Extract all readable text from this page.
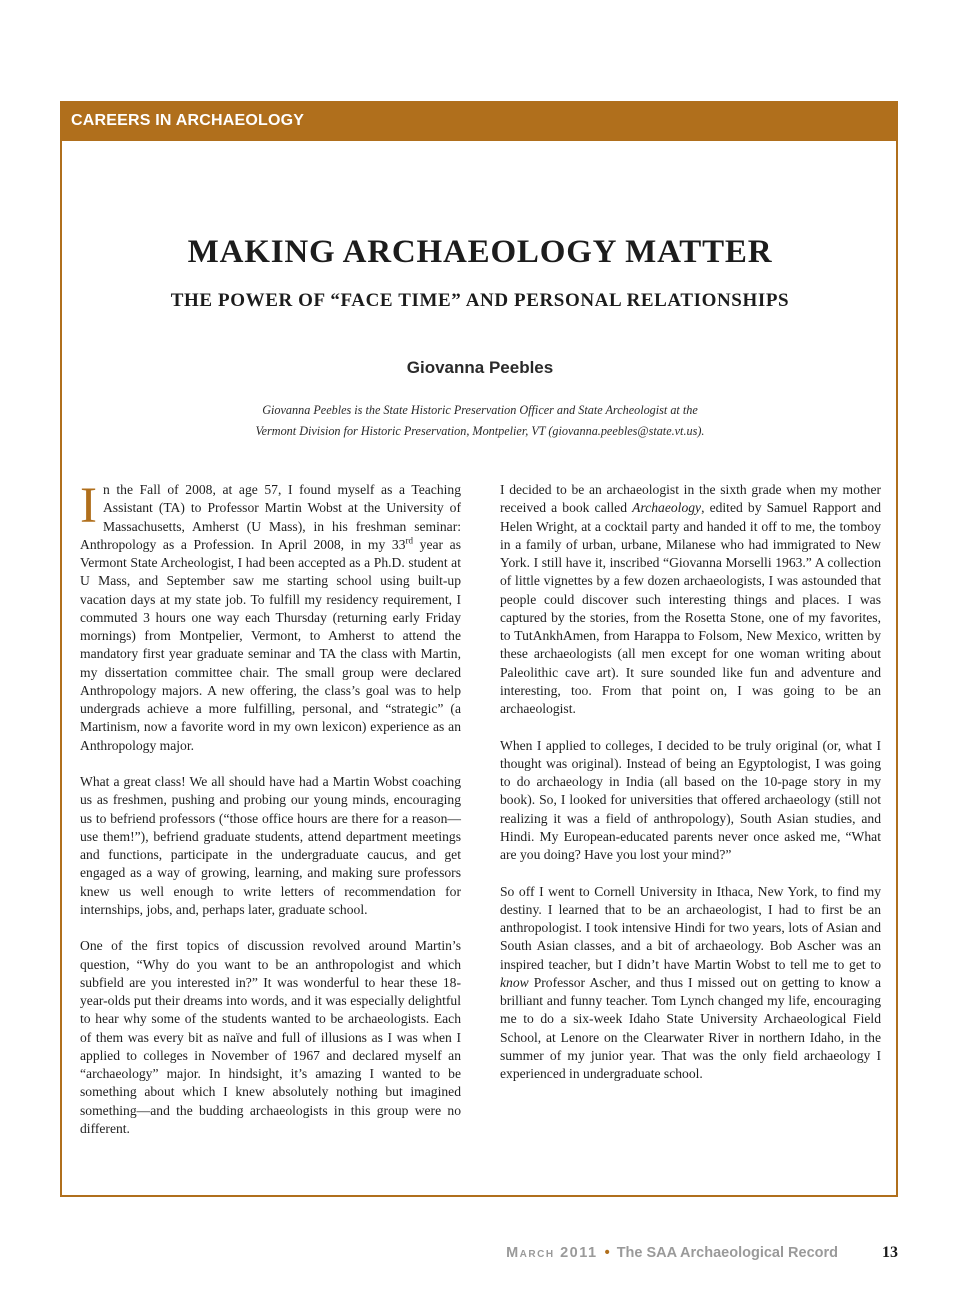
CAREERS IN ARCHAEOLOGY
MAKING ARCHAEOLOGY MATTER
THE POWER OF “FACE TIME” AND PERSONAL RELATIONSHIPS
Giovanna Peebles
Giovanna Peebles is the State Historic Preservation Officer and State Archeologist at the
Vermont Division for Historic Preservation, Montpelier, VT (giovanna.peebles@state.vt.us).

In the Fall of 2008, at age 57, I found myself as a Teaching Assistant (TA) to Professor Martin Wobst at the University of Massachusetts, Amherst (U Mass), in his freshman seminar: Anthropology as a Profession. In April 2008, in my 33rd year as Vermont State Archeologist, I had been accepted as a Ph.D. student at U Mass, and September saw me starting school using built-up vacation days at my state job. To fulfill my residency requirement, I commuted 3 hours one way each Thursday (returning early Friday mornings) from Montpelier, Vermont, to Amherst to attend the mandatory first year graduate seminar and TA the class with Martin, my dissertation committee chair. The small group were declared Anthropology majors. A new offering, the class’s goal was to help undergrads achieve a more fulfilling, personal, and “strategic” (a Martinism, now a favorite word in my own lexicon) experience as an Anthropology major.

What a great class! We all should have had a Martin Wobst coaching us as freshmen, pushing and probing our young minds, encouraging us to befriend professors (“those office hours are there for a reason—use them!”), befriend graduate students, attend department meetings and functions, participate in the undergraduate caucus, and get engaged as a way of growing, learning, and making sure professors knew us well enough to write letters of recommendation for internships, jobs, and, perhaps later, graduate school.

One of the first topics of discussion revolved around Martin’s question, “Why do you want to be an anthropologist and which subfield are you interested in?” It was wonderful to hear these 18-year-olds put their dreams into words, and it was especially delightful to hear why some of the students wanted to be archaeologists. Each of them was every bit as naïve and full of illusions as I was when I applied to colleges in November of 1967 and declared myself an “archaeology” major. In hindsight, it’s amazing I wanted to be something about which I knew absolutely nothing but imagined something—and the budding archaeologists in this group were no different.

I decided to be an archaeologist in the sixth grade when my mother received a book called Archaeology, edited by Samuel Rapport and Helen Wright, at a cocktail party and handed it off to me, the tomboy in a family of urban, urbane, Milanese who had immigrated to New York. I still have it, inscribed “Giovanna Morselli 1963.” A collection of little vignettes by a few dozen archaeologists, I was astounded that people could discover such interesting things and places. I was captured by the stories, from the Rosetta Stone, one of my favorites, to TutAnkhAmen, from Harappa to Folsom, New Mexico, written by these archaeologists (all men except for one woman writing about Paleolithic cave art). It sure sounded like fun and adventure and interesting, too. From that point on, I was going to be an archaeologist.

When I applied to colleges, I decided to be truly original (or, what I thought was original). Instead of being an Egyptologist, I was going to do archaeology in India (all based on the 10-page story in my book). So, I looked for universities that offered archaeology (still not realizing it was a field of anthropology), South Asian studies, and Hindi. My European-educated parents never once asked me, “What are you doing? Have you lost your mind?”

So off I went to Cornell University in Ithaca, New York, to find my destiny. I learned that to be an archaeologist, I had to first be an anthropologist. I took intensive Hindi for two years, lots of Asian and South Asian classes, and a bit of archaeology. Bob Ascher was an inspired teacher, but I didn’t have Martin Wobst to tell me to get to know Professor Ascher, and thus I missed out on getting to know a brilliant and funny teacher. Tom Lynch changed my life, encouraging me to do a six-week Idaho State University Archaeological Field School, at Lenore on the Clearwater River in northern Idaho, in the summer of my junior year. That was the only field archaeology I experienced in undergraduate school.

March 2011 • The SAA Archaeological Record	13
